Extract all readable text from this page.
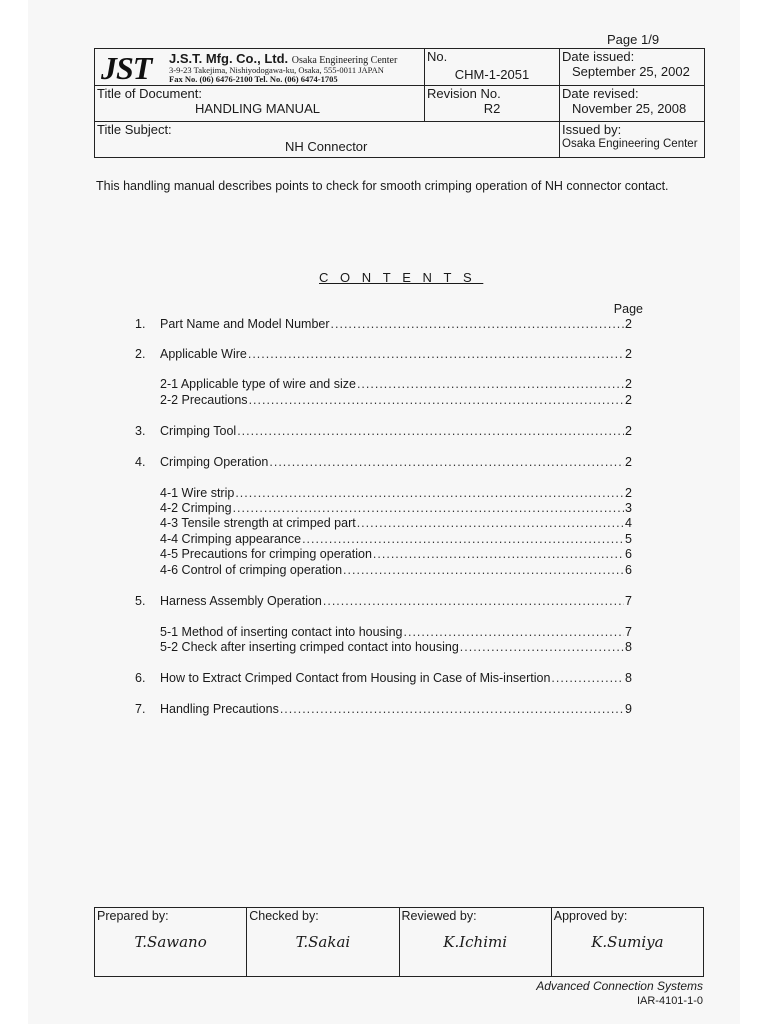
Page 1/9
JST J.S.T. Mfg. Co., Ltd. Osaka Engineering Center
3-9-23 Takejima, Nishiyodogawa-ku, Osaka, 555-0011 JAPAN
Fax No. (06) 6476-2100 Tel. No. (06) 6474-1705	No.
CHM-1-2051	Date issued:
September 25, 2002

Title of Document:
HANDLING MANUAL	Revision No.
R2	Date revised:
November 25, 2008

Title Subject:
NH Connector		Issued by:
Osaka Engineering Center
This handling manual describes points to check for smooth crimping operation of NH connector contact.
CONTENTS
Page
1.	Part Name and Model Number .....	2
2.	Applicable Wire .....	2
2-1 Applicable type of wire and size .....	2
2-2 Precautions .....	2
3.	Crimping Tool .....	2
4.	Crimping Operation .....	2
4-1 Wire strip .....	2
4-2 Crimping .....	3
4-3 Tensile strength at crimped part .....	4
4-4 Crimping appearance .....	5
4-5 Precautions for crimping operation .....	6
4-6 Control of crimping operation .....	6
5.	Harness Assembly Operation .....	7
5-1 Method of inserting contact into housing .....	7
5-2 Check after inserting crimped contact into housing .....	8
6.	How to Extract Crimped Contact from Housing in Case of Mis-insertion .....	8
7.	Handling Precautions .....	9
Prepared by:
T.Sawano
	Checked by:
T.Sakai
	Reviewed by:
K.Ichimi
	Approved by:
K.Sumiya
Advanced Connection Systems
IAR-4101-1-0
